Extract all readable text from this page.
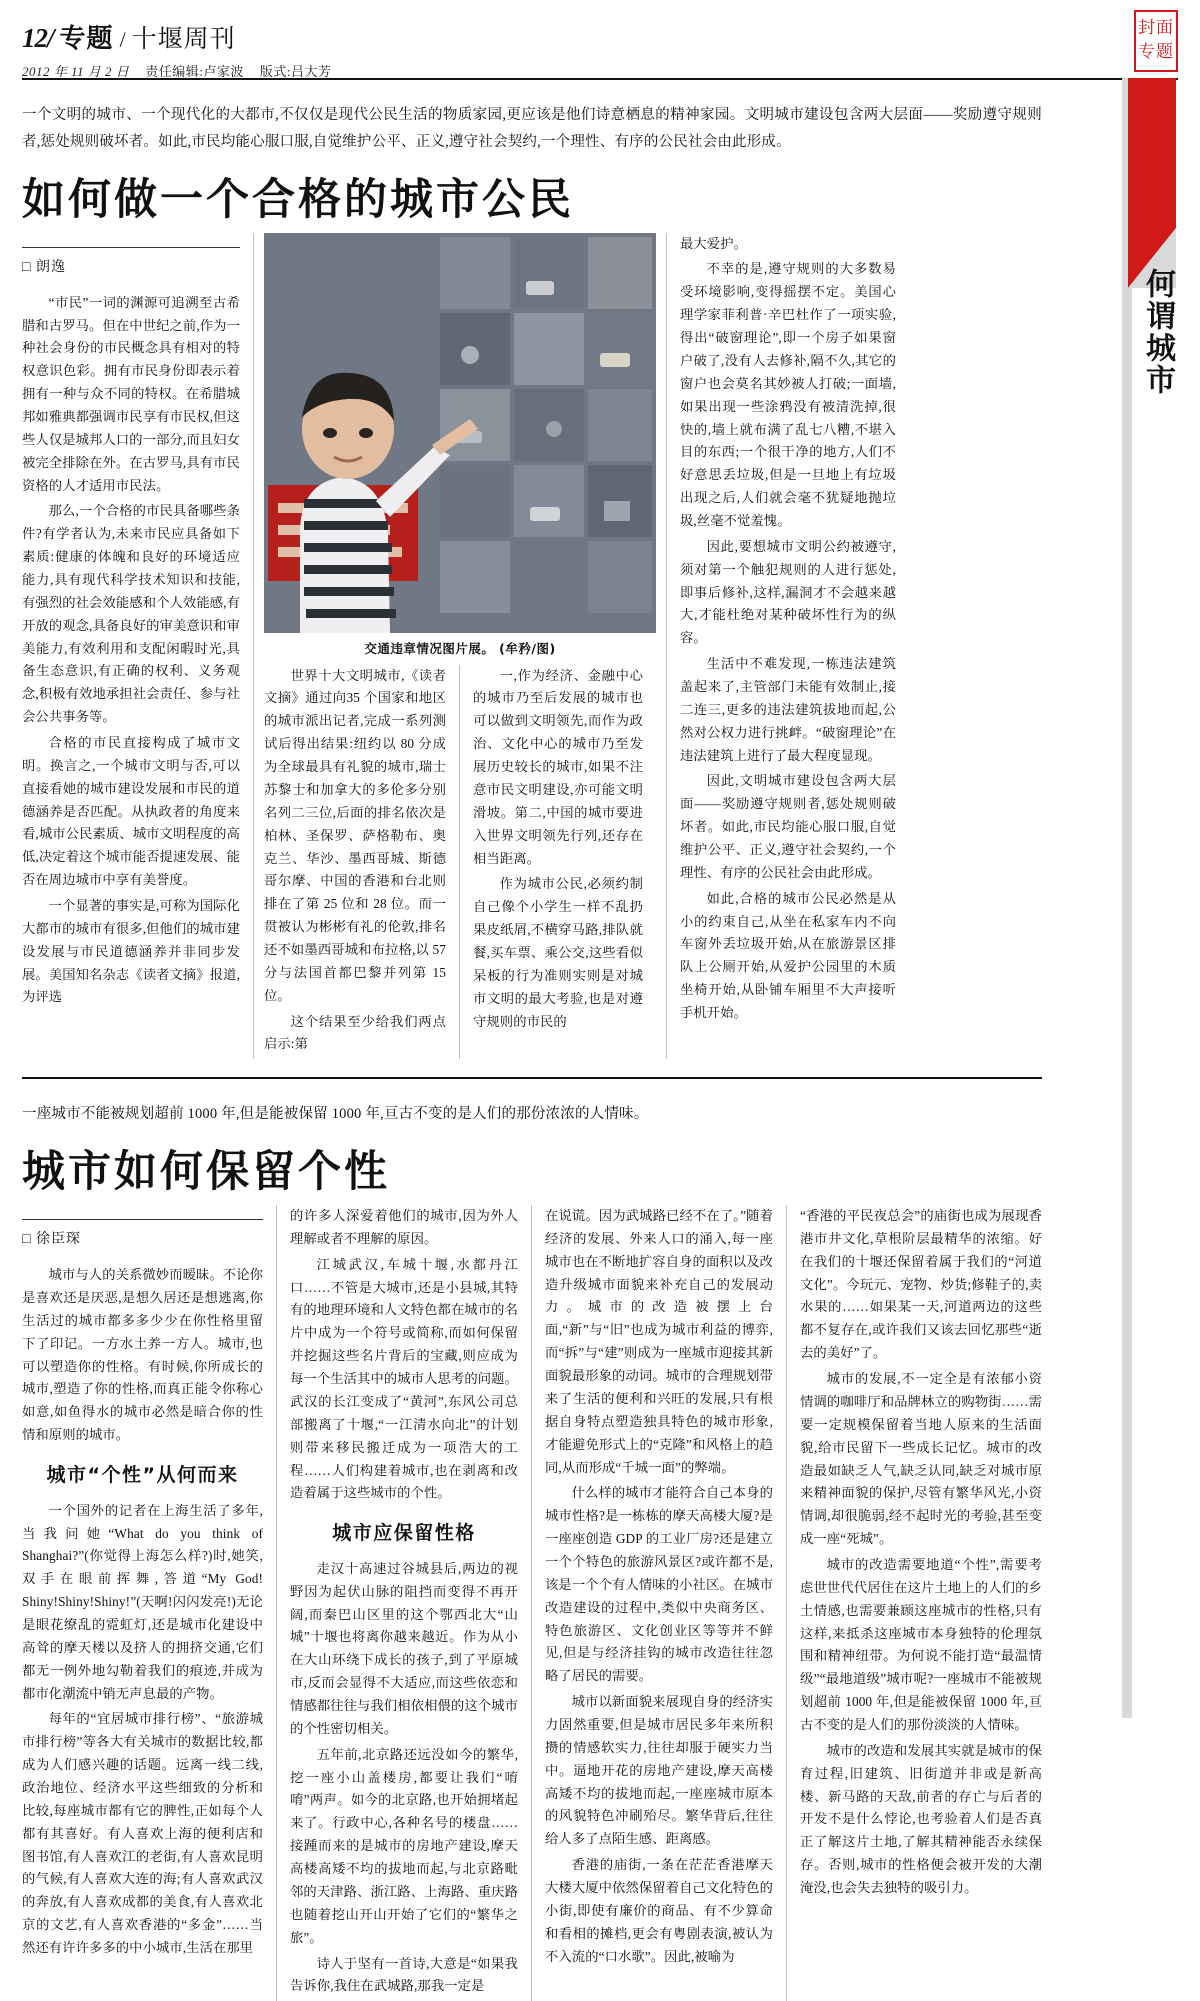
12/ 专题 / 十堰周刊
2012 年 11 月 2 日 责任编辑:卢家波 版式:吕大芳
封面
专题
何谓城市
一个文明的城市、一个现代化的大都市,不仅仅是现代公民生活的物质家园,更应该是他们诗意栖息的精神家园。文明城市建设包含两大层面——奖励遵守规则者,惩处规则破坏者。如此,市民均能心服口服,自觉维护公平、正义,遵守社会契约,一个理性、有序的公民社会由此形成。
如何做一个合格的城市公民
□ 朗逸

“市民”一词的渊源可追溯至古希腊和古罗马。但在中世纪之前,作为一种社会身份的市民概念具有相对的特权意识色彩。拥有市民身份即表示着拥有一种与众不同的特权。在希腊城邦如雅典都强调市民享有市民权,但这些人仅是城邦人口的一部分,而且妇女被完全排除在外。在古罗马,具有市民资格的人才适用市民法。

那么,一个合格的市民具备哪些条件?有学者认为,未来市民应具备如下素质:健康的体魄和良好的环境适应能力,具有现代科学技术知识和技能,有强烈的社会效能感和个人效能感,有开放的观念,具备良好的审美意识和审美能力,有效利用和支配闲暇时光,具备生态意识,有正确的权利、义务观念,积极有效地承担社会责任、参与社会公共事务等。

合格的市民直接构成了城市文明。换言之,一个城市文明与否,可以直接看她的城市建设发展和市民的道德涵养是否匹配。从执政者的角度来看,城市公民素质、城市文明程度的高低,决定着这个城市能否提速发展、能否在周边城市中享有美誉度。

一个显著的事实是,可称为国际化大都市的城市有很多,但他们的城市建设发展与市民道德涵养并非同步发展。美国知名杂志《读者文摘》报道,为评选

交通违章情况图片展。 (牟矜/图)

世界十大文明城市,《读者文摘》通过向35 个国家和地区的城市派出记者,完成一系列测试后得出结果:纽约以 80 分成为全球最具有礼貌的城市,瑞士苏黎士和加拿大的多伦多分别名列二三位,后面的排名依次是柏林、圣保罗、萨格勒布、奥克兰、华沙、墨西哥城、斯德哥尔摩、中国的香港和台北则排在了第 25 位和 28 位。而一贯被认为彬彬有礼的伦敦,排名还不如墨西哥城和布拉格,以 57 分与法国首都巴黎并列第 15 位。

这个结果至少给我们两点启示:第

一,作为经济、金融中心的城市乃至后发展的城市也可以做到文明领先,而作为政治、文化中心的城市乃至发展历史较长的城市,如果不注意市民文明建设,亦可能文明滑坡。第二,中国的城市要进入世界文明领先行列,还存在相当距离。

作为城市公民,必须约制自己像个小学生一样不乱扔果皮纸屑,不横穿马路,排队就餐,买车票、乘公交,这些看似呆板的行为准则实则是对城市文明的最大考验,也是对遵守规则的市民的

最大爱护。

不幸的是,遵守规则的大多数易受环境影响,变得摇摆不定。美国心理学家菲利普·辛巴杜作了一项实验,得出“破窗理论”,即一个房子如果窗户破了,没有人去修补,隔不久,其它的窗户也会莫名其妙被人打破;一面墙,如果出现一些涂鸦没有被清洗掉,很快的,墙上就布满了乱七八糟,不堪入目的东西;一个很干净的地方,人们不好意思丢垃圾,但是一旦地上有垃圾出现之后,人们就会毫不犹疑地抛垃圾,丝毫不觉羞愧。

因此,要想城市文明公约被遵守,须对第一个触犯规则的人进行惩处,即事后修补,这样,漏洞才不会越来越大,才能杜绝对某种破坏性行为的纵容。

生活中不难发现,一栋违法建筑盖起来了,主管部门未能有效制止,接二连三,更多的违法建筑拔地而起,公然对公权力进行挑衅。“破窗理论”在违法建筑上进行了最大程度显现。

因此,文明城市建设包含两大层面——奖励遵守规则者,惩处规则破坏者。如此,市民均能心服口服,自觉维护公平、正义,遵守社会契约,一个理性、有序的公民社会由此形成。

如此,合格的城市公民必然是从小的约束自己,从坐在私家车内不向车窗外丢垃圾开始,从在旅游景区排队上公厕开始,从爱护公园里的木质坐椅开始,从卧铺车厢里不大声接听手机开始。

一座城市不能被规划超前 1000 年,但是能被保留 1000 年,亘古不变的是人们的那份浓浓的人情味。
城市如何保留个性
□ 徐臣琛

城市与人的关系微妙而暧昧。不论你是喜欢还是厌恶,是想久居还是想逃离,你生活过的城市都多多少少在你性格里留下了印记。一方水土养一方人。城市,也可以塑造你的性格。有时候,你所成长的城市,塑造了你的性格,而真正能令你称心如意,如鱼得水的城市必然是暗合你的性情和原则的城市。

城市“个性”从何而来

一个国外的记者在上海生活了多年,当我问她“What do you think of Shanghai?”(你觉得上海怎么样?)时,她笑,双手在眼前挥舞,答道“My God! Shiny!Shiny!Shiny!”(天啊!闪闪发亮!)无论是眼花缭乱的霓虹灯,还是城市化建设中高耸的摩天楼以及挤人的拥挤交通,它们都无一例外地勾勒着我们的痕迹,并成为都市化潮流中销无声息最的产物。

每年的“宜居城市排行榜”、“旅游城市排行榜”等各大有关城市的数据比较,都成为人们感兴趣的话题。远离一线二线,政治地位、经济水平这些细致的分析和比较,每座城市都有它的脾性,正如每个人都有其喜好。有人喜欢上海的便利店和图书馆,有人喜欢江的老街,有人喜欢昆明的气候,有人喜欢大连的海;有人喜欢武汉的奔放,有人喜欢成都的美食,有人喜欢北京的文艺,有人喜欢香港的“多金”……当然还有许许多多的中小城市,生活在那里

的许多人深爱着他们的城市,因为外人理解或者不理解的原因。

江城武汉,车城十堰,水都丹江口……不管是大城市,还是小县城,其特有的地理环境和人文特色都在城市的名片中成为一个符号或简称,而如何保留并挖掘这些名片背后的宝藏,则应成为每一个生活其中的城市人思考的问题。武汉的长江变成了“黄河”,东风公司总部搬离了十堰,“一江清水向北”的计划则带来移民搬迁成为一项浩大的工程……人们构建着城市,也在剥离和改造着属于这些城市的个性。

城市应保留性格

走汉十高速过谷城县后,两边的视野因为起伏山脉的阻挡而变得不再开阔,而秦巴山区里的这个鄂西北大“山城”十堰也将离你越来越近。作为从小在大山环绕下成长的孩子,到了平原城市,反而会显得不大适应,而这些依恋和情感都往往与我们相依相偎的这个城市的个性密切相关。

五年前,北京路还远没如今的繁华,挖一座小山盖楼房,都要让我们“唷唷”两声。如今的北京路,也开始拥堵起来了。行政中心,各种名号的楼盘……接踵而来的是城市的房地产建设,摩天高楼高矮不均的拔地而起,与北京路毗邻的天津路、浙江路、上海路、重庆路也随着挖山开山开始了它们的“繁华之旅”。

诗人于坚有一首诗,大意是“如果我告诉你,我住在武城路,那我一定是

在说谎。因为武城路已经不在了。”随着经济的发展、外来人口的涌入,每一座城市也在不断地扩容自身的面积以及改造升级城市面貌来补充自己的发展动力。城市的改造被摆上台面,“新”与“旧”也成为城市利益的博弈,而“拆”与“建”则成为一座城市迎接其新面貌最形象的动词。城市的合理规划带来了生活的便利和兴旺的发展,只有根据自身特点塑造独具特色的城市形象,才能避免形式上的“克隆”和风格上的趋同,从而形成“千城一面”的弊端。

什么样的城市才能符合自己本身的城市性格?是一栋栋的摩天高楼大厦?是一座座创造 GDP 的工业厂房?还是建立一个个特色的旅游风景区?或许都不是,该是一个个有人情味的小社区。在城市改造建设的过程中,类似中央商务区、特色旅游区、文化创业区等等并不鲜见,但是与经济挂钩的城市改造往往忽略了居民的需要。

城市以新面貌来展现自身的经济实力固然重要,但是城市居民多年来所积攒的情感软实力,往往却服于硬实力当中。逼地开花的房地产建设,摩天高楼高矮不均的拔地而起,一座座城市原本的风貌特色冲刷殆尽。繁华背后,往往给人多了点陌生感、距离感。

香港的庙街,一条在茫茫香港摩天大楼大厦中依然保留着自己文化特色的小街,即使有廉价的商品、有不少算命和看相的摊档,更会有粤剧表演,被认为不入流的“口水歌”。因此,被喻为

“香港的平民夜总会”的庙街也成为展现香港市井文化,草根阶层最精华的浓缩。好在我们的十堰还保留着属于我们的“河道文化”。今玩元、宠物、炒货;修鞋子的,卖水果的……如果某一天,河道两边的这些都不复存在,或许我们又该去回忆那些“逝去的美好”了。

城市的发展,不一定全是有浓郁小资情调的咖啡厅和品牌林立的购物街……需要一定规模保留着当地人原来的生活面貌,给市民留下一些成长记忆。城市的改造最如缺乏人气,缺乏认同,缺乏对城市原来精神面貌的保护,尽管有繁华风光,小资情调,却很脆弱,经不起时光的考验,甚至变成一座“死城”。

城市的改造需要地道“个性”,需要考虑世世代代居住在这片土地上的人们的乡土情感,也需要兼顾这座城市的性格,只有这样,来抵杀这座城市本身独特的伦理氛围和精神纽带。为何说不能打造“最温情级”“最地道级”城市呢?一座城市不能被规划超前 1000 年,但是能被保留 1000 年,亘古不变的是人们的那份淡淡的人情味。

城市的改造和发展其实就是城市的保育过程,旧建筑、旧街道并非或是新高楼、新马路的天敌,前者的存亡与后者的开发不是什么悖论,也考验着人们是否真正了解这片土地,了解其精神能否永续保存。否则,城市的性格便会被开发的大潮淹没,也会失去独特的吸引力。
